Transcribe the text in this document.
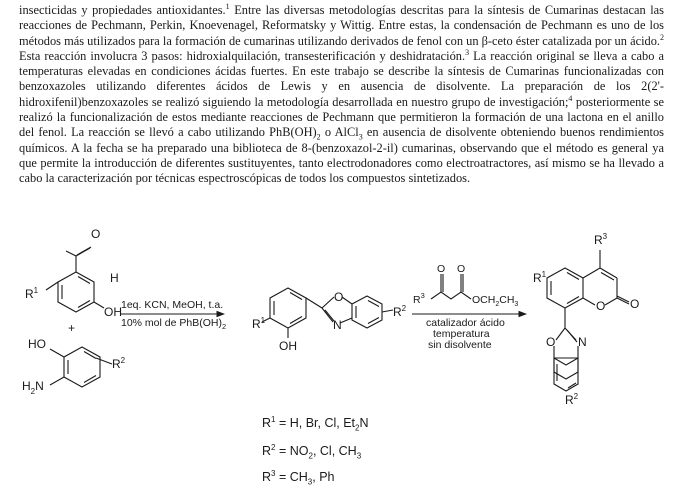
insecticidas y propiedades antioxidantes.$^1$ Entre las diversas metodologías descritas para la síntesis de Cumarinas destacan las reacciones de Pechmann, Perkin, Knoevenagel, Reformatsky y Wittig. Entre estas, la condensación de Pechmann es uno de los métodos más utilizados para la formación de cumarinas utilizando derivados de fenol con un β-ceto éster catalizada por un ácido.$^2$ Esta reacción involucra 3 pasos: hidroxialquilación, transesterificación y deshidratación.$^3$ La reacción original se lleva a cabo a temperaturas elevadas en condiciones ácidas fuertes. En este trabajo se describe la síntesis de Cumarinas funcionalizadas con benzoxazoles utilizando diferentes ácidos de Lewis y en ausencia de disolvente. La preparación de los 2(2'-hidroxifenil)benzoxazoles se realizó siguiendo la metodología desarrollada en nuestro grupo de investigación;$^4$ posteriormente se realizó la funcionalización de estos mediante reacciones de Pechmann que permitieron la formación de una lactona en el anillo del fenol. La reacción se llevó a cabo utilizando $PhB(OH)_2$ o AlCl$_3$ en ausencia de disolvente obteniendo buenos rendimientos químicos. A la fecha se ha preparado una biblioteca de 8-(benzoxazol-2-il) cumarinas, observando que el método es general ya que permite la introducción de diferentes sustituyentes, tanto electrodonadores como electroatractores, así mismo se ha llevado a cabo la caracterización por técnicas espectroscópicas de todos los compuestos sintetizados.

O
H
OH
$R^1$
+
HO
$H_2N$
$R^2$
1eq. KCN, MeOH, t.a.
10% mol de $PhB(OH)_2$ $R^1$
OH
O
N
$R^2$
$R^3$
O O
$OCH_2CH_3$
catalizador ácido
temperatura
sin disolvente
$R^3$
$R^1$
O O
O N
$R^2$

$R^1 = H$, Br, Cl, $Et_2N$

$R^2 = NO_2$, Cl, $CH_3$

$R^3 = CH_3$, Ph
